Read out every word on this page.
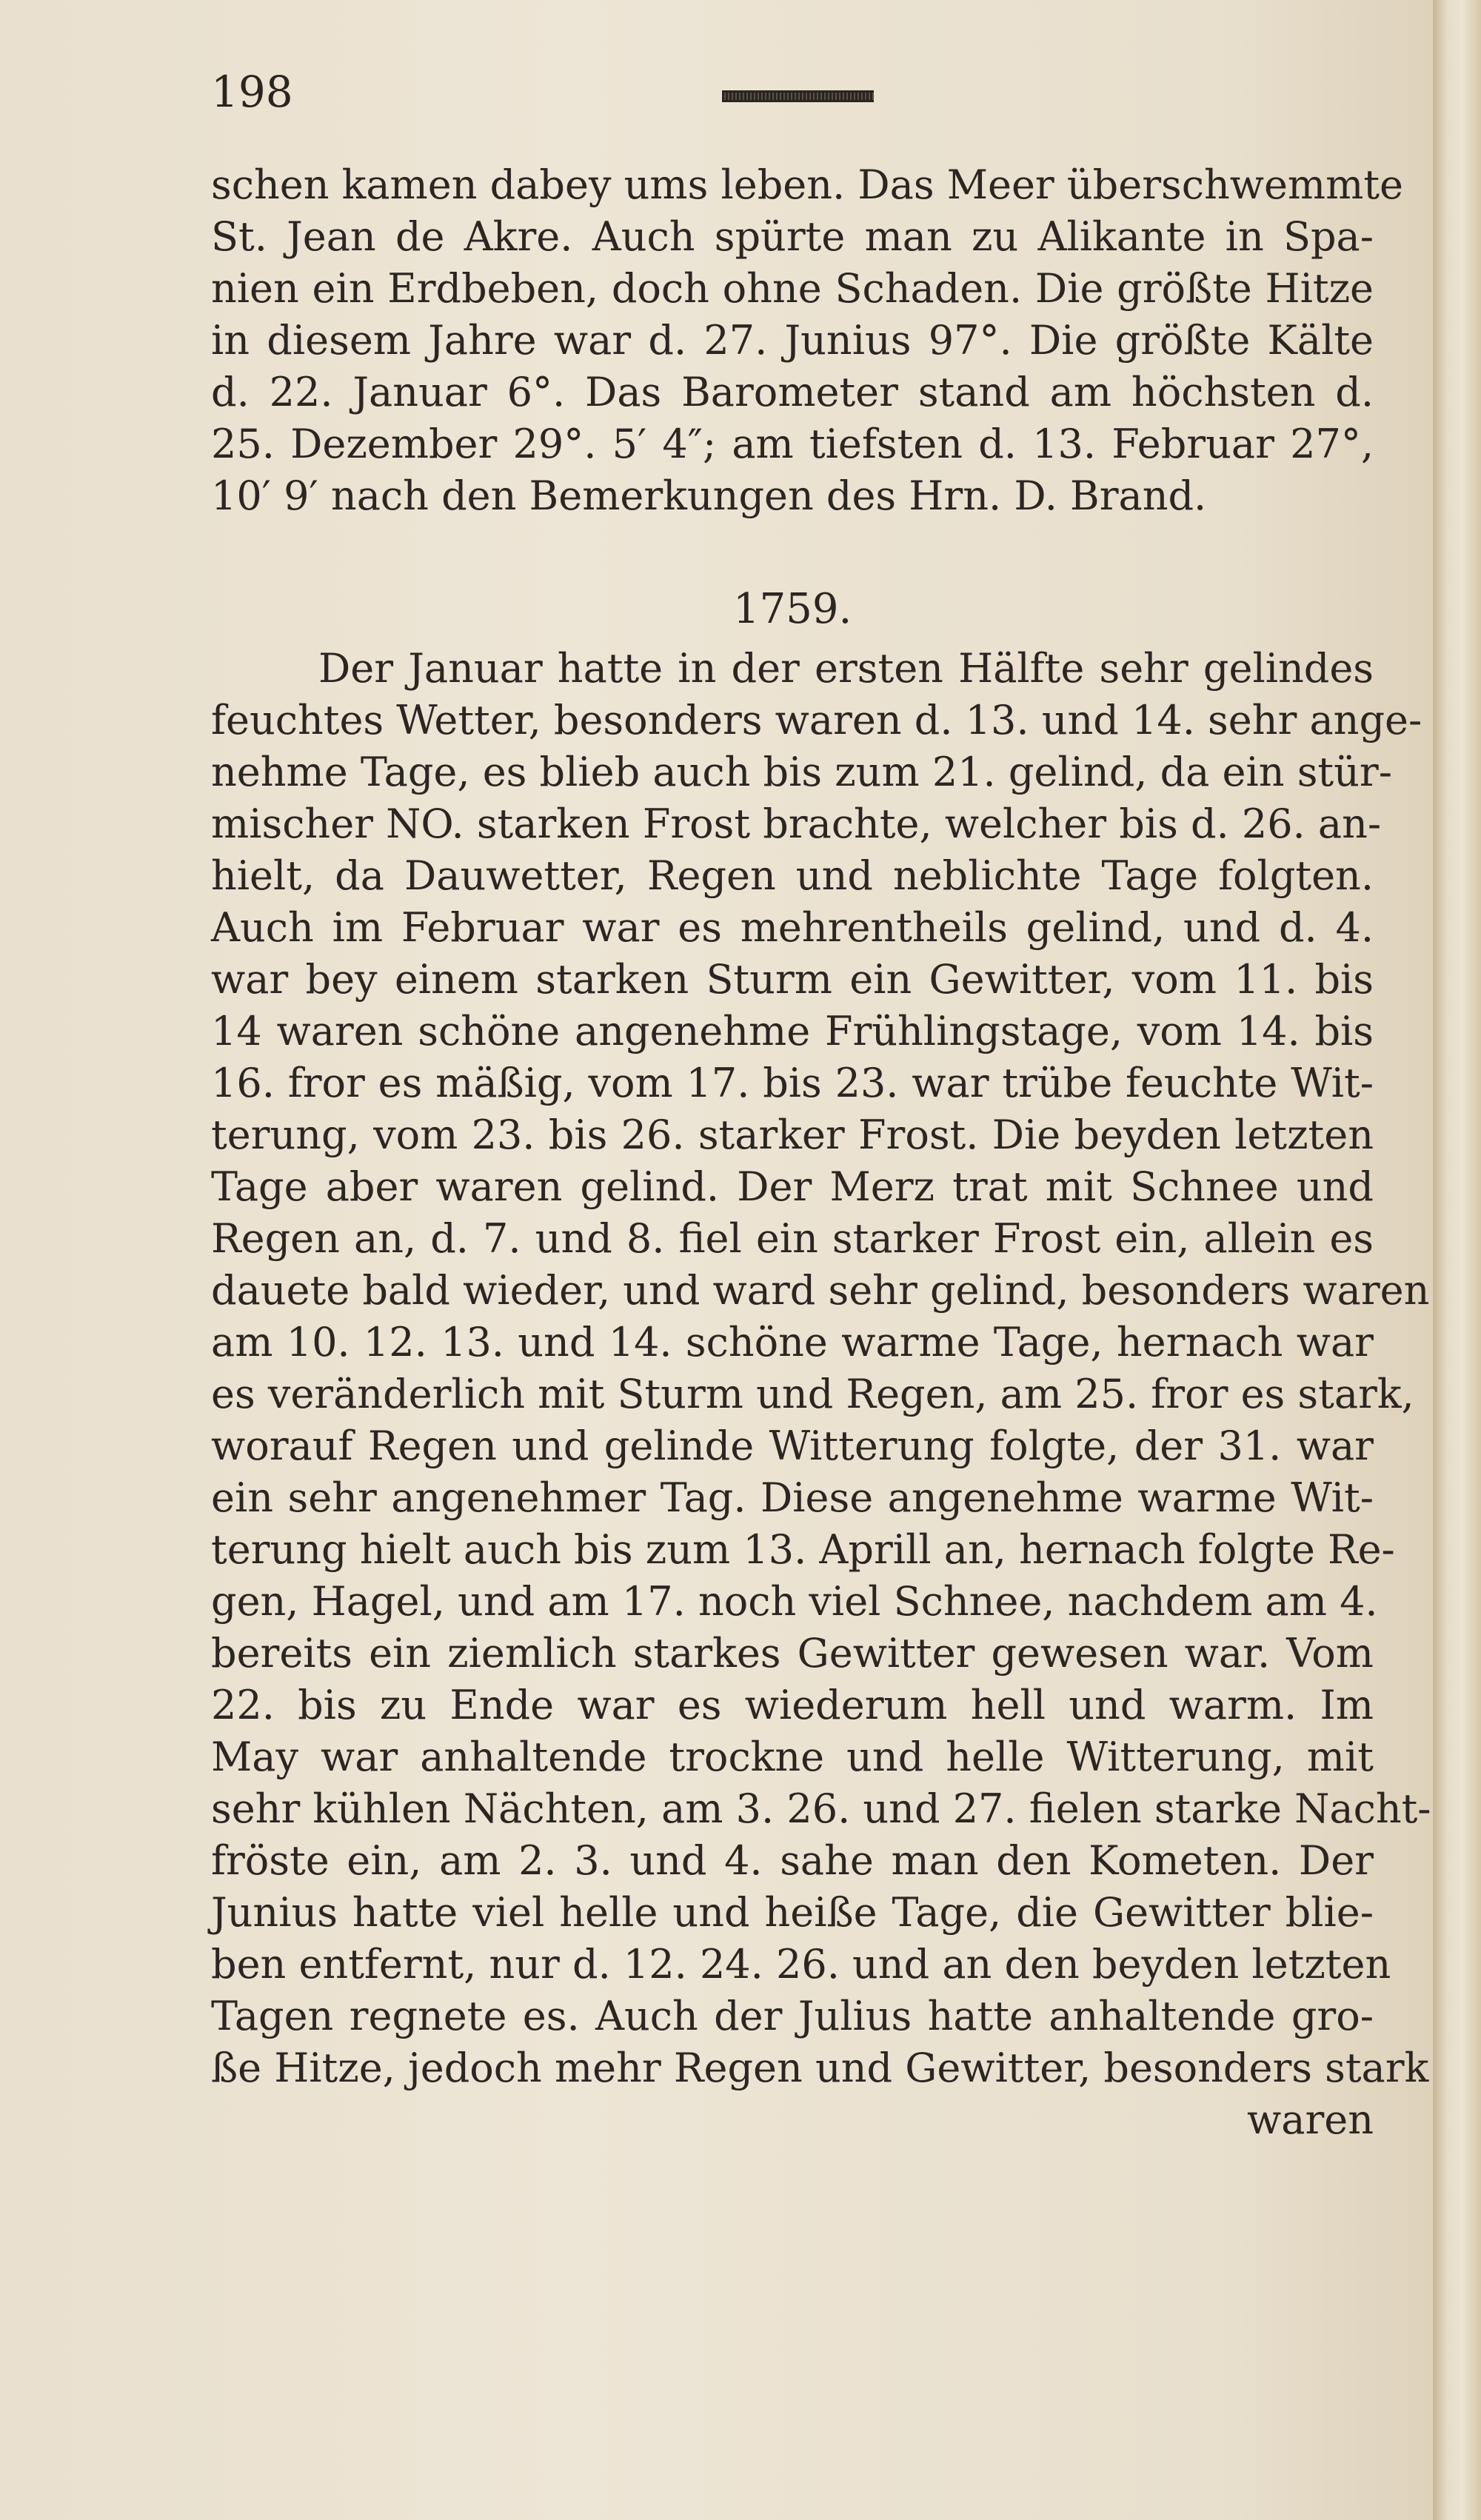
198
schen kamen dabey ums leben. Das Meer überschwemmte
St. Jean de Akre. Auch spürte man zu Alikante in Spa-
nien ein Erdbeben, doch ohne Schaden. Die größte Hitze
in diesem Jahre war d. 27. Junius 97°. Die größte Kälte
d. 22. Januar 6°. Das Barometer stand am höchsten d.
25. Dezember 29°. 5′ 4″; am tiefsten d. 13. Februar 27°,
10′ 9′ nach den Bemerkungen des Hrn. D. Brand.
1759.
Der Januar hatte in der ersten Hälfte sehr gelindes
feuchtes Wetter, besonders waren d. 13. und 14. sehr ange-
nehme Tage, es blieb auch bis zum 21. gelind, da ein stür-
mischer NO. starken Frost brachte, welcher bis d. 26. an-
hielt, da Dauwetter, Regen und neblichte Tage folgten.
Auch im Februar war es mehrentheils gelind, und d. 4.
war bey einem starken Sturm ein Gewitter, vom 11. bis
14 waren schöne angenehme Frühlingstage, vom 14. bis
16. fror es mäßig, vom 17. bis 23. war trübe feuchte Wit-
terung, vom 23. bis 26. starker Frost. Die beyden letzten
Tage aber waren gelind. Der Merz trat mit Schnee und
Regen an, d. 7. und 8. fiel ein starker Frost ein, allein es
dauete bald wieder, und ward sehr gelind, besonders waren
am 10. 12. 13. und 14. schöne warme Tage, hernach war
es veränderlich mit Sturm und Regen, am 25. fror es stark,
worauf Regen und gelinde Witterung folgte, der 31. war
ein sehr angenehmer Tag. Diese angenehme warme Wit-
terung hielt auch bis zum 13. Aprill an, hernach folgte Re-
gen, Hagel, und am 17. noch viel Schnee, nachdem am 4.
bereits ein ziemlich starkes Gewitter gewesen war. Vom
22. bis zu Ende war es wiederum hell und warm. Im
May war anhaltende trockne und helle Witterung, mit
sehr kühlen Nächten, am 3. 26. und 27. fielen starke Nacht-
fröste ein, am 2. 3. und 4. sahe man den Kometen. Der
Junius hatte viel helle und heiße Tage, die Gewitter blie-
ben entfernt, nur d. 12. 24. 26. und an den beyden letzten
Tagen regnete es. Auch der Julius hatte anhaltende gro-
ße Hitze, jedoch mehr Regen und Gewitter, besonders stark
waren
